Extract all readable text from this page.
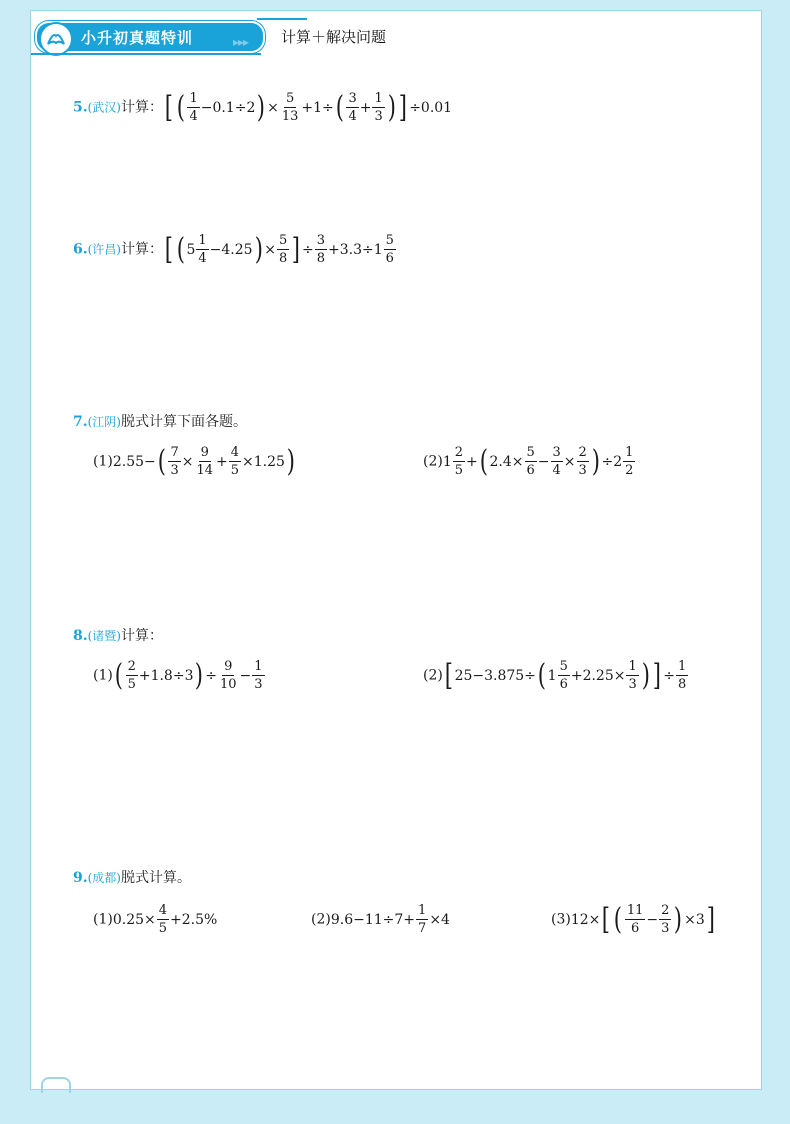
小升初真题特训	▸▸▸ 计算＋解决问题
5.(武汉)计算：[ ( $\frac{1}{4} -0.1\div 2) \times \frac{5}{13} +1\div( \frac{3}{4} + \frac{1}{3}$ ) ] ÷0.01
6.(许昌)计算：[ ( $5 \frac{1}{4} -4.25) \times \frac{5}{8}$ ] ÷ $\frac{3}{8} +3.3\div 1 \frac{5}{6}$
7.(江阴)脱式计算下面各题。
$(1)2.55-( \frac{7}{3} \times \frac{9}{14} + \frac{4}{5} \times 1.25)$	$(2)1 \frac{2}{5}$ +( $2.4\times \frac{5}{6} - \frac{3}{4} \times \frac{2}{3}$ ) $\div 2 \frac{1}{2}$
8.(诸暨)计算：
$(1)( \frac{2}{5} +1.8\div 3) \div \frac{9}{10} - \frac{1}{3}$	(2)[ 25−3.875÷( $1 \frac{5}{6} +2.25\times \frac{1}{3}$ ) ] ÷ $\frac{1}{8}$
9.(成都)脱式计算。
$(1)0.25\times \frac{4}{5} +2.5\%$	$(2)9.6-11\div 7+ \frac{1}{7} \times 4$	(3)12×[ ( $\frac{11}{6} - \frac{2}{3}$ ) ×3]
